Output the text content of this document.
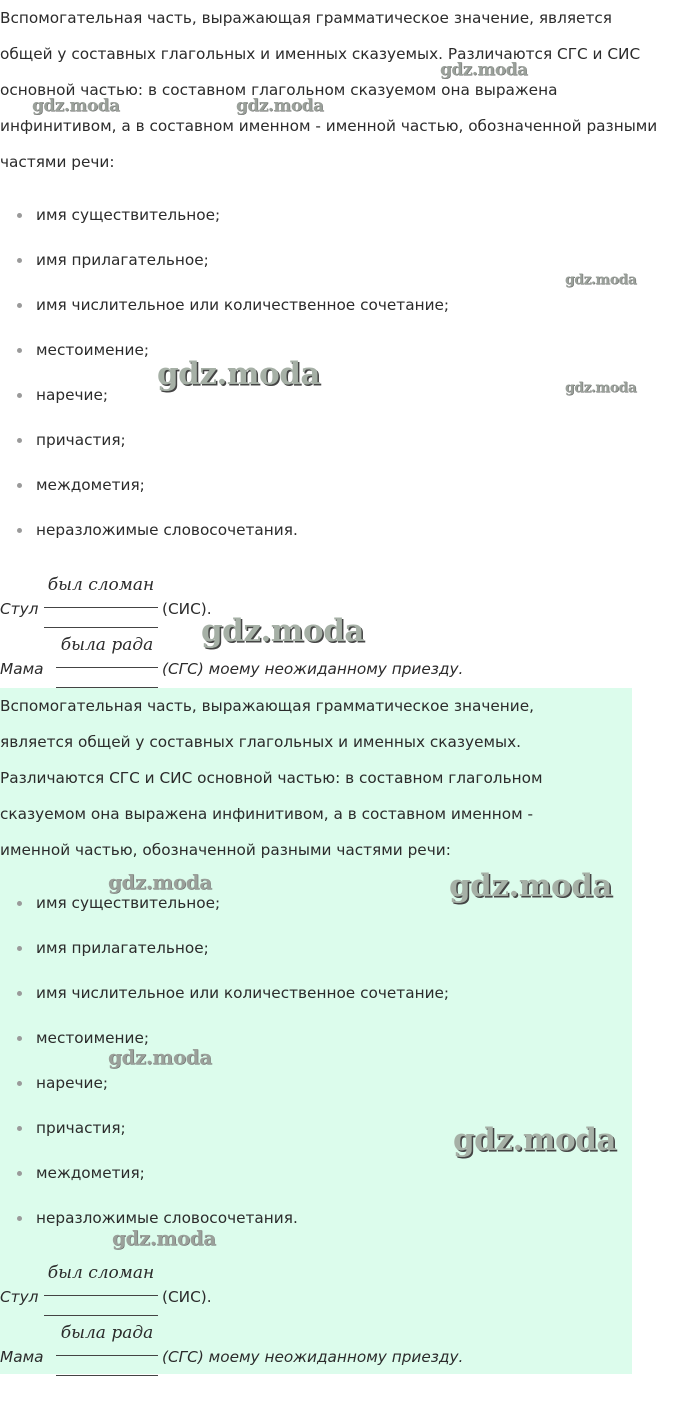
Вспомогательная часть, выражающая грамматическое значение, является общей у составных глагольных и именных сказуемых. Различаются СГС и СИС основной частью: в составном глагольном сказуемом она выражена инфинитивом, а в составном именном - именной частью, обозначенной разными частями речи:

имя существительное;
имя прилагательное;
имя числительное или количественное сочетание;
местоимение;
наречие;
причастия;
междометия;
неразложимые словосочетания.
Стул
был сломан
(СИС).
Мама
была рада
(СГС) моему неожиданному приезду.

Вспомогательная часть, выражающая грамматическое значение, является общей у составных глагольных и именных сказуемых. Различаются СГС и СИС основной частью: в составном глагольном сказуемом она выражена инфинитивом, а в составном именном - именной частью, обозначенной разными частями речи:

имя существительное;
имя прилагательное;
имя числительное или количественное сочетание;
местоимение;
наречие;
причастия;
междометия;
неразложимые словосочетания.
Стул
был сломан
(СИС).
Мама
была рада
(СГС) моему неожиданному приезду.
gdz.moda
gdz.moda	gdz.moda
gdz.moda
gdz.moda	gdz.moda
gdz.moda
gdz.moda	gdz.moda
gdz.moda
gdz.moda
gdz.moda
